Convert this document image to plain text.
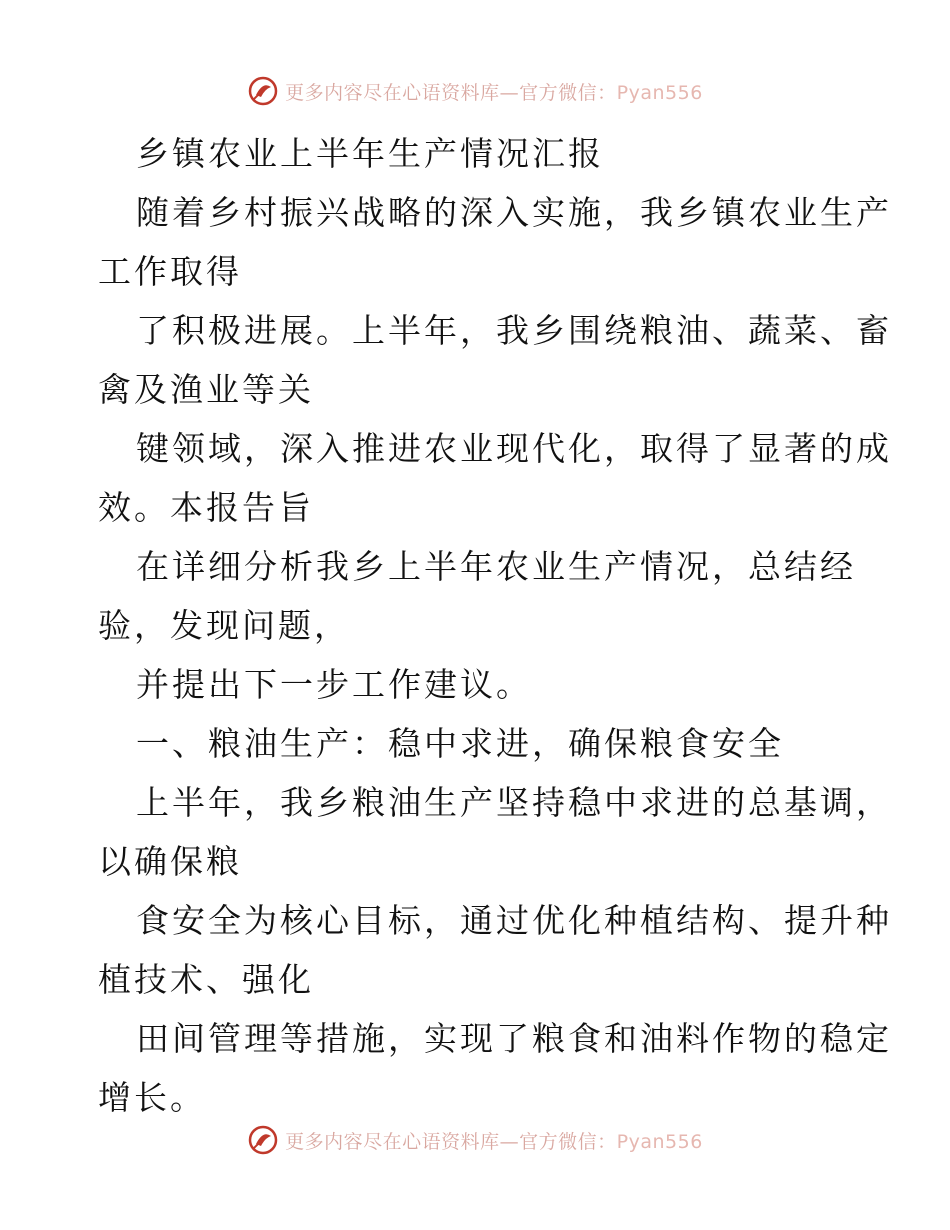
更多内容尽在心语资料库—官方微信：Pyan556
乡镇农业上半年生产情况汇报
随着乡村振兴战略的深入实施，我乡镇农业生产
工作取得
了积极进展。上半年，我乡围绕粮油、蔬菜、畜
禽及渔业等关
键领域，深入推进农业现代化，取得了显著的成
效。本报告旨
在详细分析我乡上半年农业生产情况，总结经
验，发现问题，
并提出下一步工作建议。
一、粮油生产：稳中求进，确保粮食安全
上半年，我乡粮油生产坚持稳中求进的总基调，
以确保粮
食安全为核心目标，通过优化种植结构、提升种
植技术、强化
田间管理等措施，实现了粮食和油料作物的稳定
增长。
更多内容尽在心语资料库—官方微信：Pyan556
